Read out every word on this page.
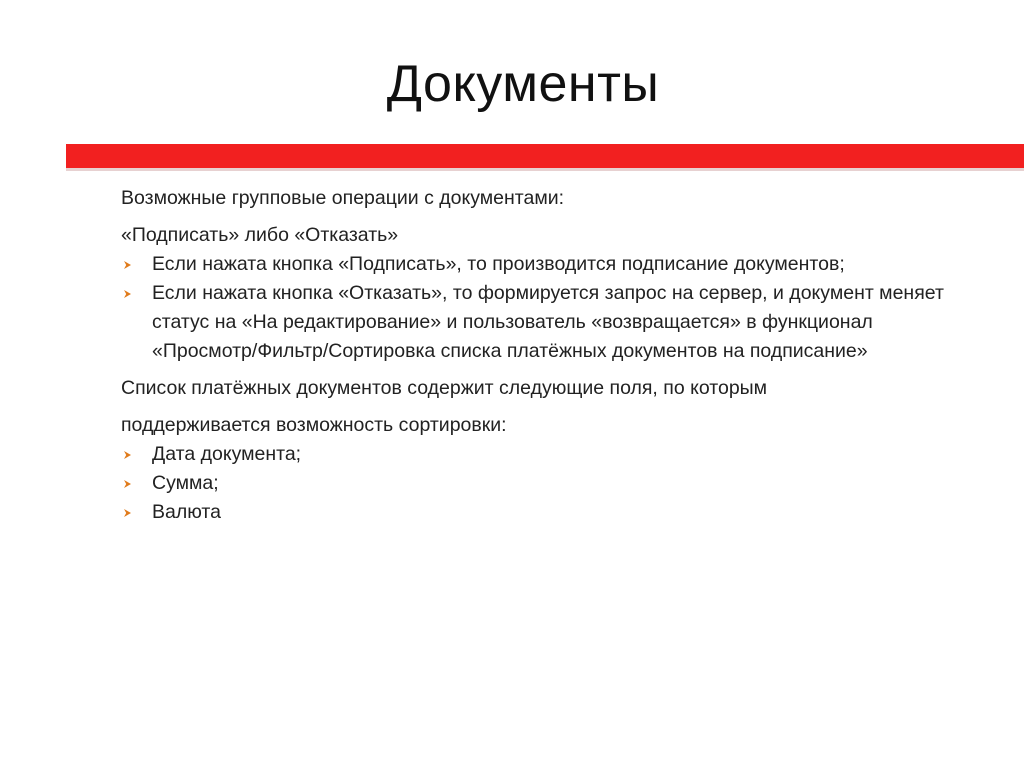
Документы

Возможные групповые операции с документами:

«Подписать» либо «Отказать»

Если нажата кнопка «Подписать», то производится подписание документов;
Если нажата кнопка «Отказать», то формируется запрос на сервер, и документ меняет статус на «На редактирование» и пользователь «возвращается» в функционал «Просмотр/Фильтр/Сортировка списка платёжных документов на подписание»

Список платёжных документов содержит следующие поля, по которым

поддерживается возможность сортировки:

Дата документа;
Сумма;
Валюта
